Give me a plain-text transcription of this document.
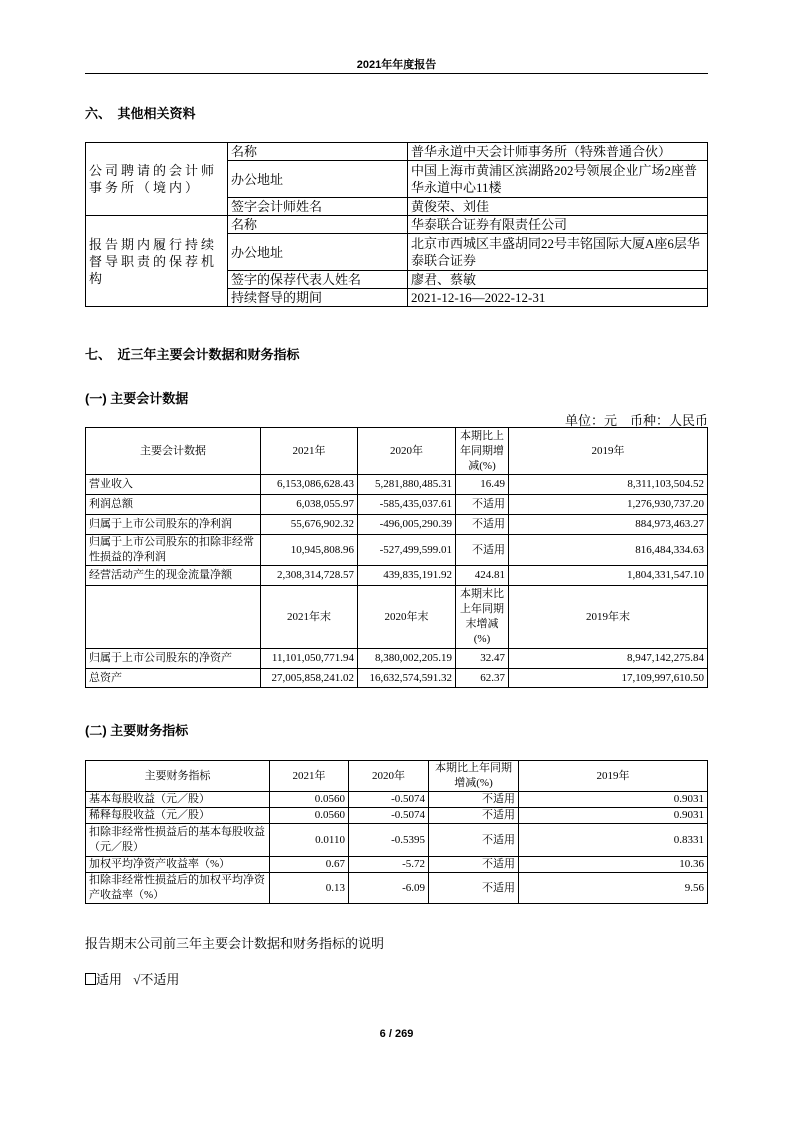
2021年年度报告
六、　其他相关资料
公司聘请的会计师事务所（境内）	名称	普华永道中天会计师事务所（特殊普通合伙）
	办公地址	中国上海市黄浦区滨湖路202号领展企业广场2座普华永道中心11楼
	签字会计师姓名	黄俊荣、刘佳
报告期内履行持续督导职责的保荐机构	名称	华泰联合证券有限责任公司
	办公地址	北京市西城区丰盛胡同22号丰铭国际大厦A座6层华泰联合证券
	签字的保荐代表人姓名	廖君、蔡敏
	持续督导的期间	2021-12-16—2022-12-31
七、　近三年主要会计数据和财务指标
(一) 主要会计数据
单位：元　币种：人民币
主要会计数据	2021年	2020年	本期比上年同期增减(%)	2019年
营业收入	6,153,086,628.43	5,281,880,485.31	16.49	8,311,103,504.52
利润总额	6,038,055.97	-585,435,037.61	不适用	1,276,930,737.20
归属于上市公司股东的净利润	55,676,902.32	-496,005,290.39	不适用	884,973,463.27
归属于上市公司股东的扣除非经常性损益的净利润	10,945,808.96	-527,499,599.01	不适用	816,484,334.63
经营活动产生的现金流量净额	2,308,314,728.57	439,835,191.92	424.81	1,804,331,547.10
	2021年末	2020年末	本期末比上年同期末增减(%)	2019年末
归属于上市公司股东的净资产	11,101,050,771.94	8,380,002,205.19	32.47	8,947,142,275.84
总资产	27,005,858,241.02	16,632,574,591.32	62.37	17,109,997,610.50
(二) 主要财务指标
主要财务指标	2021年	2020年	本期比上年同期增减(%)	2019年
基本每股收益（元／股）	0.0560	-0.5074	不适用	0.9031
稀释每股收益（元／股）	0.0560	-0.5074	不适用	0.9031
扣除非经常性损益后的基本每股收益（元／股）	0.0110	-0.5395	不适用	0.8331
加权平均净资产收益率（%）	0.67	-5.72	不适用	10.36
扣除非经常性损益后的加权平均净资产收益率（%）	0.13	-6.09	不适用	9.56
报告期末公司前三年主要会计数据和财务指标的说明
适用 √不适用
6 / 269
